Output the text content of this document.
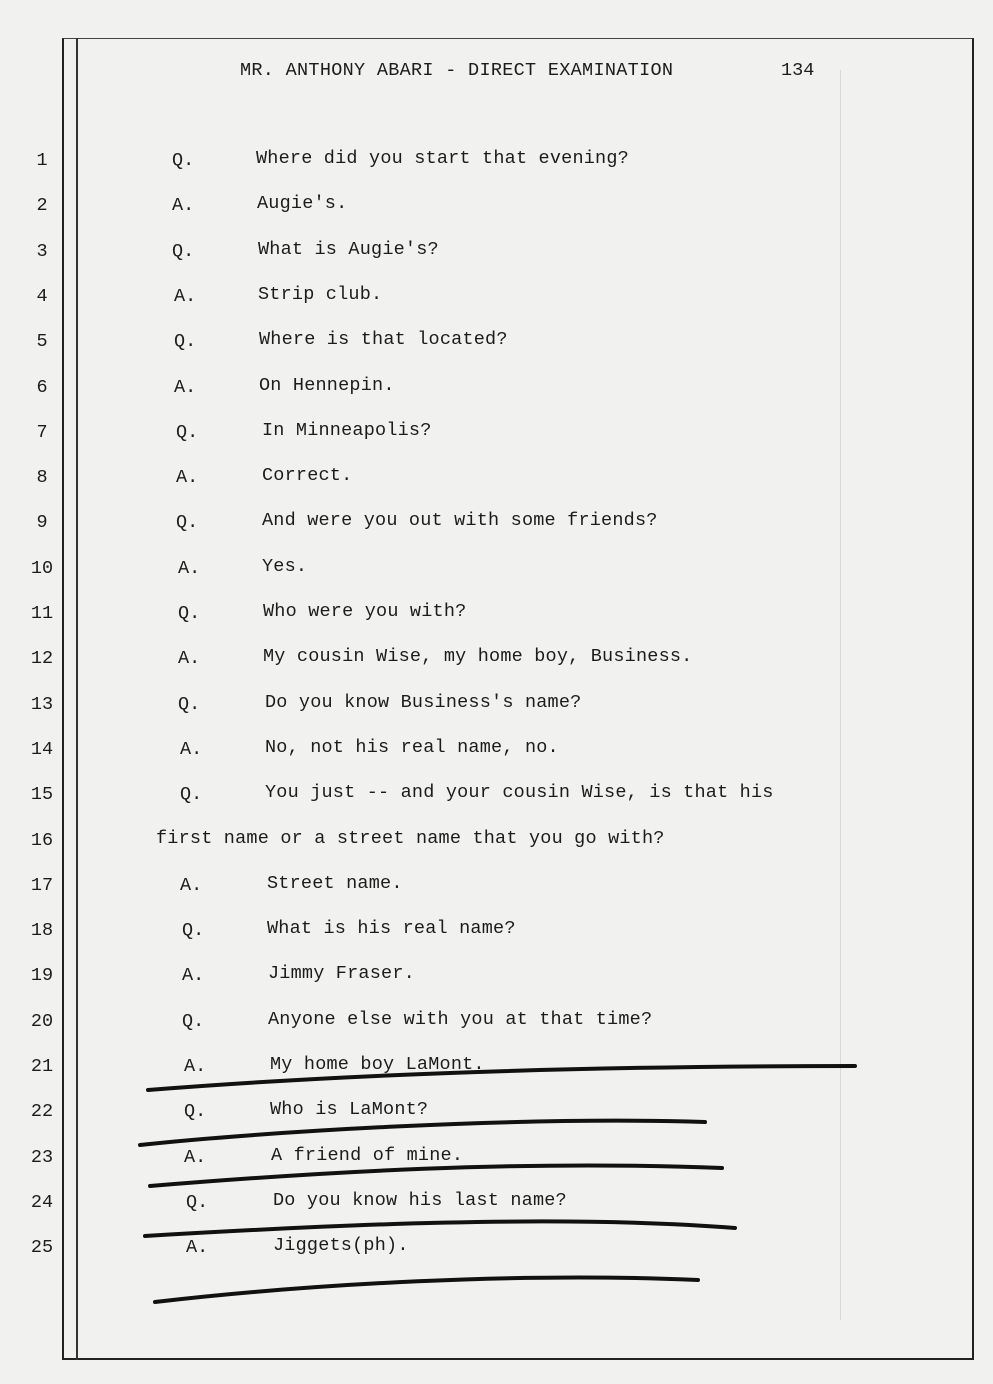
MR. ANTHONY ABARI - DIRECT EXAMINATION	134
1	Q.	Where did you start that evening?
2	A.	Augie's.
3	Q.	What is Augie's?
4	A.	Strip club.
5	Q.	Where is that located?
6	A.	On Hennepin.
7	Q.	In Minneapolis?
8	A.	Correct.
9	Q.	And were you out with some friends?
10	A.	Yes.
11	Q.	Who were you with?
12	A.	My cousin Wise, my home boy, Business.
13	Q.	Do you know Business's name?
14	A.	No, not his real name, no.
15	Q.	You just -- and your cousin Wise, is that his
16	first name or a street name that you go with?
17	A.	Street name.
18	Q.	What is his real name?
19	A.	Jimmy Fraser.
20	Q.	Anyone else with you at that time?
21	A.	My home boy LaMont.
22	Q.	Who is LaMont?
23	A.	A friend of mine.
24	Q.	Do you know his last name?
25	A.	Jiggets(ph).
